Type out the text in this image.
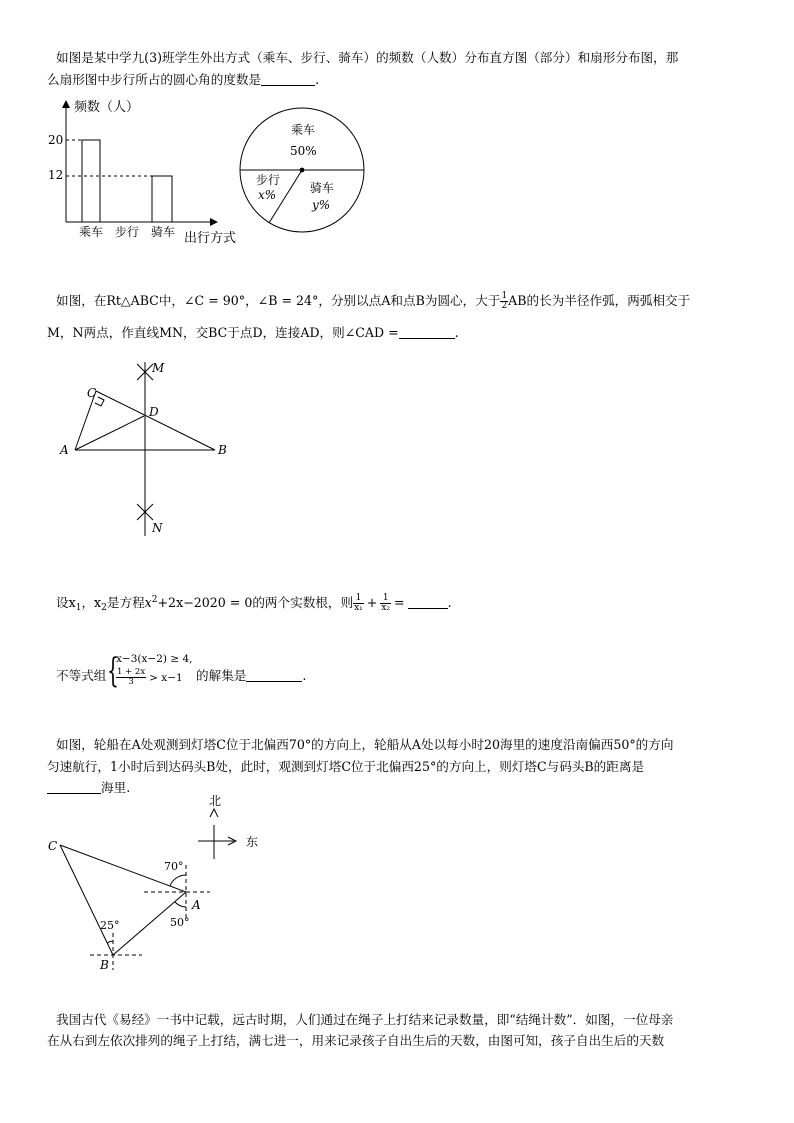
如图是某中学九(3)班学生外出方式（乘车、步行、骑车）的频数（人数）分布直方图（部分）和扇形分布图，那
么扇形图中步行所占的圆心角的度数是	.
频数（人）
20
12
乘车 步行 骑车 出行方式
乘车
50%
步行
x%	骑车
y%
如图，在Rt△ABC中，∠C = 90°，∠B = 24°，分别以点A和点B为圆心，大于 $\frac{1}{2}$ AB的长为半径作弧，两弧相交于
M，N两点，作直线MN，交BC于点D，连接AD，则∠CAD =	.
M
C
D
A	B
N
设$x_1$，$x_2$是方程$x^2+2x-2020 = 0$的两个实数根，则 $\frac{1}{\text{x₁}} + \frac{1}{\text{x₂}}$ =	.
不等式组 {
x−3(x−2) ≥ 4,
$\frac{1 + 2x}{3} > x-1$ 的解集是	.
如图，轮船在A处观测到灯塔C位于北偏西70°的方向上，轮船从A处以每小时20海里的速度沿南偏西50°的方向
匀速航行，1小时后到达码头B处，此时，观测到灯塔C位于北偏西25°的方向上，则灯塔C与码头B的距离是
海里.
北
东
C
A
B
70°
50°
25°
我国古代《易经》一书中记载，远古时期，人们通过在绳子上打结来记录数量，即“结绳计数”．如图，一位母亲
在从右到左依次排列的绳子上打结，满七进一，用来记录孩子自出生后的天数，由图可知，孩子自出生后的天数
